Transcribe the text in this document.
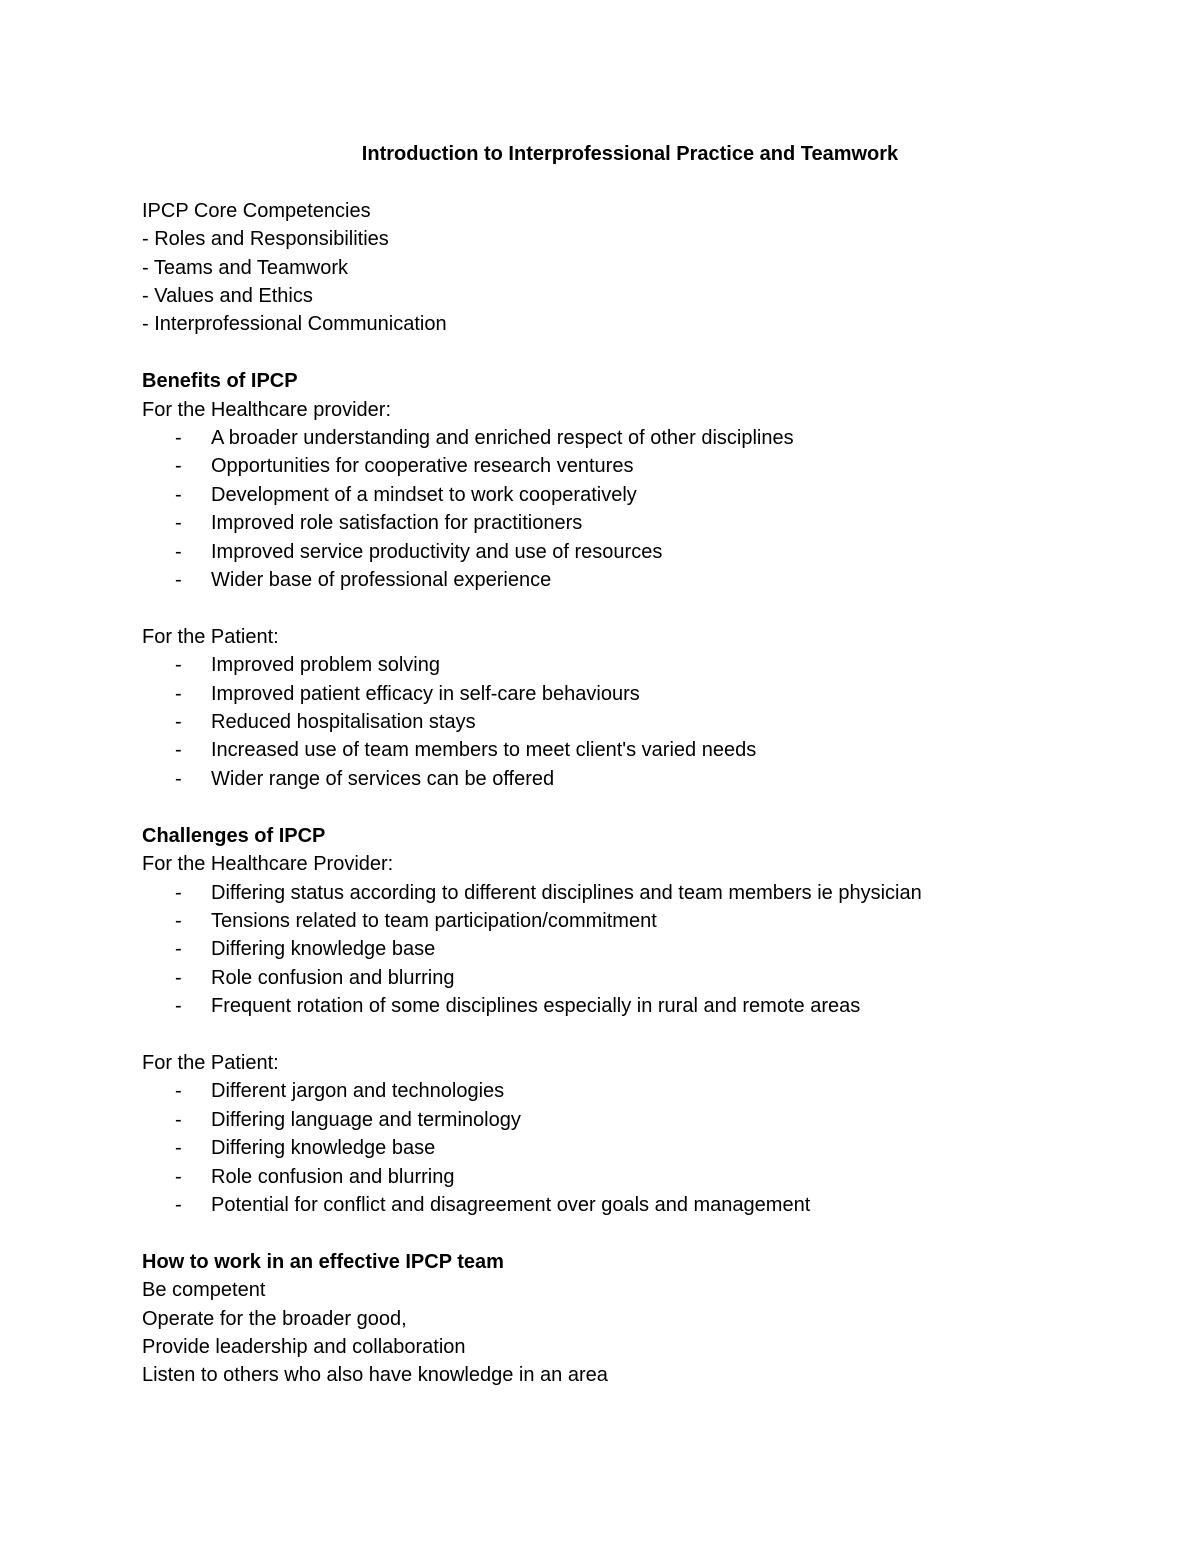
Introduction to Interprofessional Practice and Teamwork

IPCP Core Competencies

- Roles and Responsibilities

- Teams and Teamwork

- Values and Ethics

- Interprofessional Communication

Benefits of IPCP

For the Healthcare provider:

- A broader understanding and enriched respect of other disciplines
- Opportunities for cooperative research ventures
- Development of a mindset to work cooperatively
- Improved role satisfaction for practitioners
- Improved service productivity and use of resources
- Wider base of professional experience

For the Patient:

- Improved problem solving
- Improved patient efficacy in self-care behaviours
- Reduced hospitalisation stays
- Increased use of team members to meet client's varied needs
- Wider range of services can be offered

Challenges of IPCP

For the Healthcare Provider:

- Differing status according to different disciplines and team members ie physician
- Tensions related to team participation/commitment
- Differing knowledge base
- Role confusion and blurring
- Frequent rotation of some disciplines especially in rural and remote areas

For the Patient:

- Different jargon and technologies
- Differing language and terminology
- Differing knowledge base
- Role confusion and blurring
- Potential for conflict and disagreement over goals and management

How to work in an effective IPCP team

Be competent

Operate for the broader good,

Provide leadership and collaboration

Listen to others who also have knowledge in an area
